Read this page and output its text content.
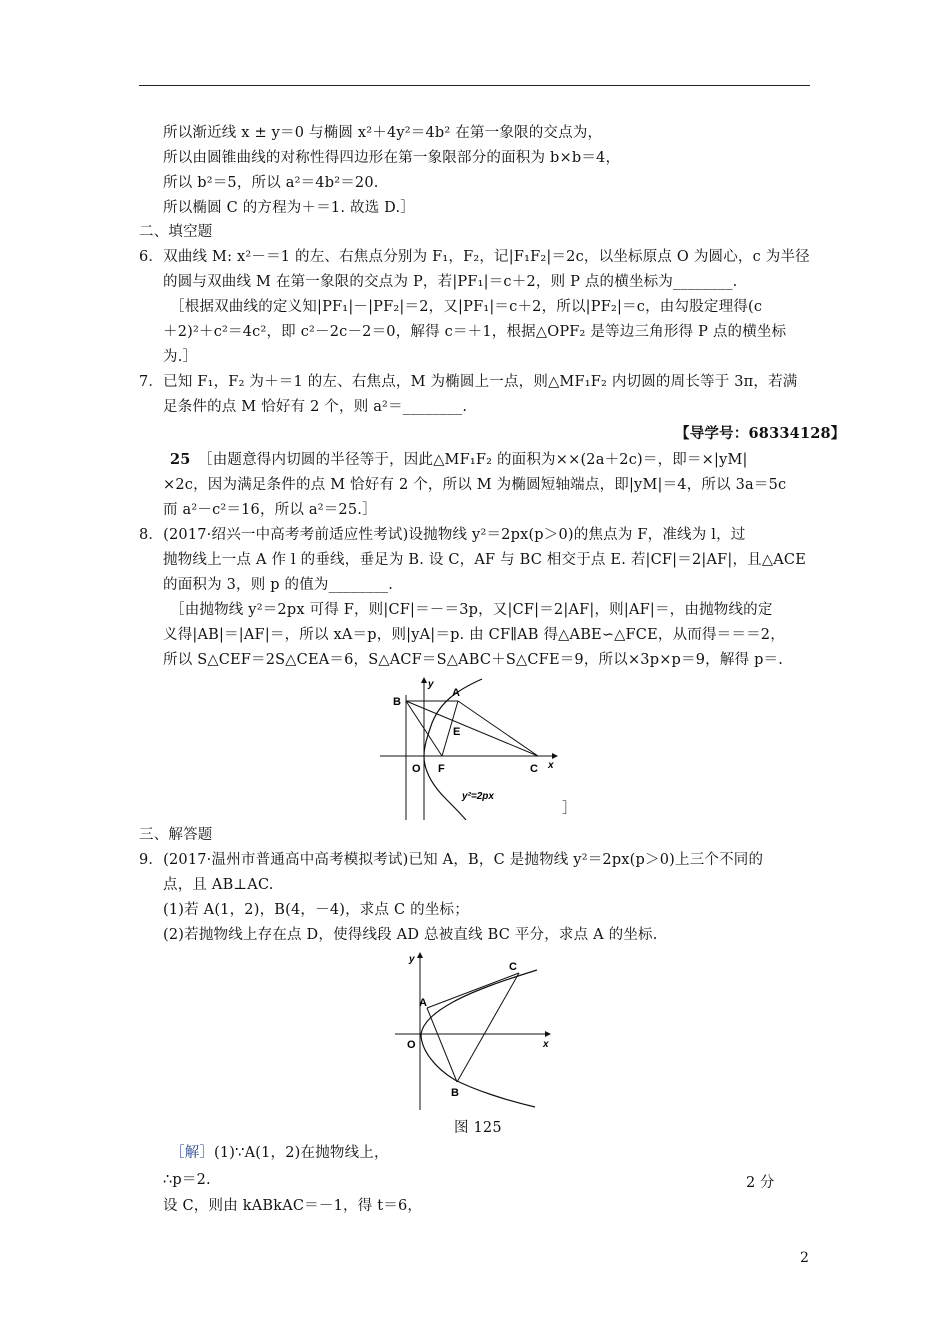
所以渐近线 x ± y＝0 与椭圆 x²＋4y²＝4b² 在第一象限的交点为，
所以由圆锥曲线的对称性得四边形在第一象限部分的面积为 b×b＝4，
所以 b²＝5，所以 a²＝4b²＝20.
所以椭圆 C 的方程为＋＝1. 故选 D.］
二、填空题
6．双曲线 M: x²－＝1 的左、右焦点分别为 F₁，F₂，记|F₁F₂|＝2c，以坐标原点 O 为圆心，c 为半径
的圆与双曲线 M 在第一象限的交点为 P，若|PF₁|＝c＋2，则 P 点的横坐标为________.
［根据双曲线的定义知|PF₁|－|PF₂|＝2，又|PF₁|＝c＋2，所以|PF₂|＝c，由勾股定理得(c
＋2)²＋c²＝4c²，即 c²－2c－2＝0，解得 c＝＋1，根据△OPF₂ 是等边三角形得 P 点的横坐标
为.］
7．已知 F₁，F₂ 为＋＝1 的左、右焦点，M 为椭圆上一点，则△MF₁F₂ 内切圆的周长等于 3π，若满
足条件的点 M 恰好有 2 个，则 a²＝________.
【导学号：68334128】
25 ［由题意得内切圆的半径等于，因此△MF₁F₂ 的面积为××(2a＋2c)＝，即＝×|yM|
×2c，因为满足条件的点 M 恰好有 2 个，所以 M 为椭圆短轴端点，即|yM|＝4，所以 3a＝5c
而 a²－c²＝16，所以 a²＝25.］
8．(2017·绍兴一中高考考前适应性考试)设抛物线 y²＝2px(p＞0)的焦点为 F，准线为 l，过
抛物线上一点 A 作 l 的垂线，垂足为 B. 设 C，AF 与 BC 相交于点 E. 若|CF|＝2|AF|，且△ACE
的面积为 3，则 p 的值为________.
［由抛物线 y²＝2px 可得 F，则|CF|＝－＝3p，又|CF|＝2|AF|，则|AF|＝，由抛物线的定
义得|AB|＝|AF|＝，所以 xA＝p，则|yA|＝p. 由 CF∥AB 得△ABE∽△FCE，从而得＝＝＝2，
所以 S△CEF＝2S△CEA＝6，S△ACF＝S△ABC＋S△CFE＝9，所以×3p×p＝9，解得 p＝.
B
A
E
O F	C x
y
y²=2px
］
三、解答题
9．(2017·温州市普通高中高考模拟考试)已知 A，B，C 是抛物线 y²＝2px(p＞0)上三个不同的
点，且 AB⊥AC.
(1)若 A(1，2)，B(4，－4)，求点 C 的坐标；
(2)若抛物线上存在点 D，使得线段 AD 总被直线 BC 平分，求点 A 的坐标.
C
A
O
B
x
y
图 125
［解］ (1)∵A(1，2)在抛物线上，
∴p＝2.	2 分
设 C，则由 kABkAC＝－1，得 t＝6，
2
